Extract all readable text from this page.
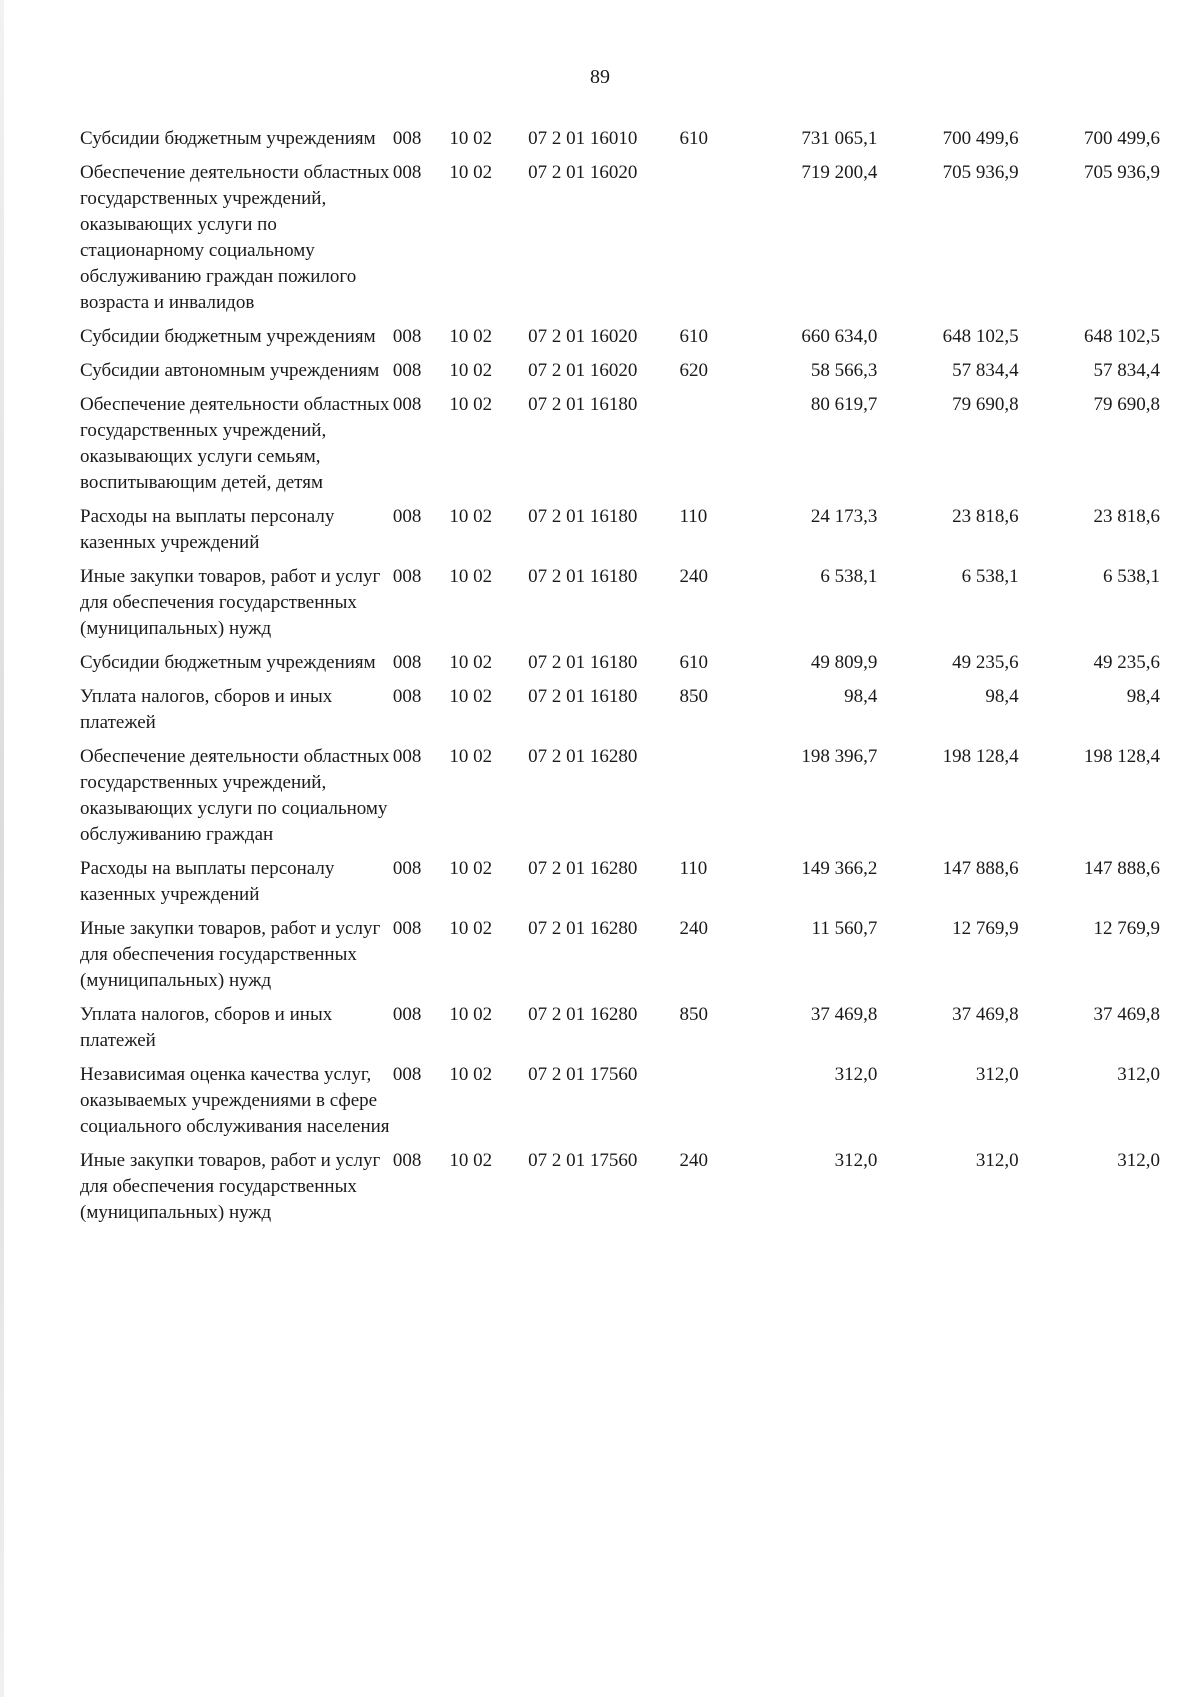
89
Субсидии бюджетным учреждениям	008	10 02	07 2 01 16010	610	731 065,1	700 499,6	700 499,6
Обеспечение деятельности областных государственных учреждений, оказывающих услуги по стационарному социальному обслуживанию граждан пожилого возраста и инвалидов	008	10 02	07 2 01 16020		719 200,4	705 936,9	705 936,9
Субсидии бюджетным учреждениям	008	10 02	07 2 01 16020	610	660 634,0	648 102,5	648 102,5
Субсидии автономным учреждениям	008	10 02	07 2 01 16020	620	58 566,3	57 834,4	57 834,4
Обеспечение деятельности областных государственных учреждений, оказывающих услуги семьям, воспитывающим детей, детям	008	10 02	07 2 01 16180		80 619,7	79 690,8	79 690,8
Расходы на выплаты персоналу казенных учреждений	008	10 02	07 2 01 16180	110	24 173,3	23 818,6	23 818,6
Иные закупки товаров, работ и услуг для обеспечения государственных (муниципальных) нужд	008	10 02	07 2 01 16180	240	6 538,1	6 538,1	6 538,1
Субсидии бюджетным учреждениям	008	10 02	07 2 01 16180	610	49 809,9	49 235,6	49 235,6
Уплата налогов, сборов и иных платежей	008	10 02	07 2 01 16180	850	98,4	98,4	98,4
Обеспечение деятельности областных государственных учреждений, оказывающих услуги по социальному обслуживанию граждан	008	10 02	07 2 01 16280		198 396,7	198 128,4	198 128,4
Расходы на выплаты персоналу казенных учреждений	008	10 02	07 2 01 16280	110	149 366,2	147 888,6	147 888,6
Иные закупки товаров, работ и услуг для обеспечения государственных (муниципальных) нужд	008	10 02	07 2 01 16280	240	11 560,7	12 769,9	12 769,9
Уплата налогов, сборов и иных платежей	008	10 02	07 2 01 16280	850	37 469,8	37 469,8	37 469,8
Независимая оценка качества услуг, оказываемых учреждениями в сфере социального обслуживания населения	008	10 02	07 2 01 17560		312,0	312,0	312,0
Иные закупки товаров, работ и услуг для обеспечения государственных (муниципальных) нужд	008	10 02	07 2 01 17560	240	312,0	312,0	312,0
